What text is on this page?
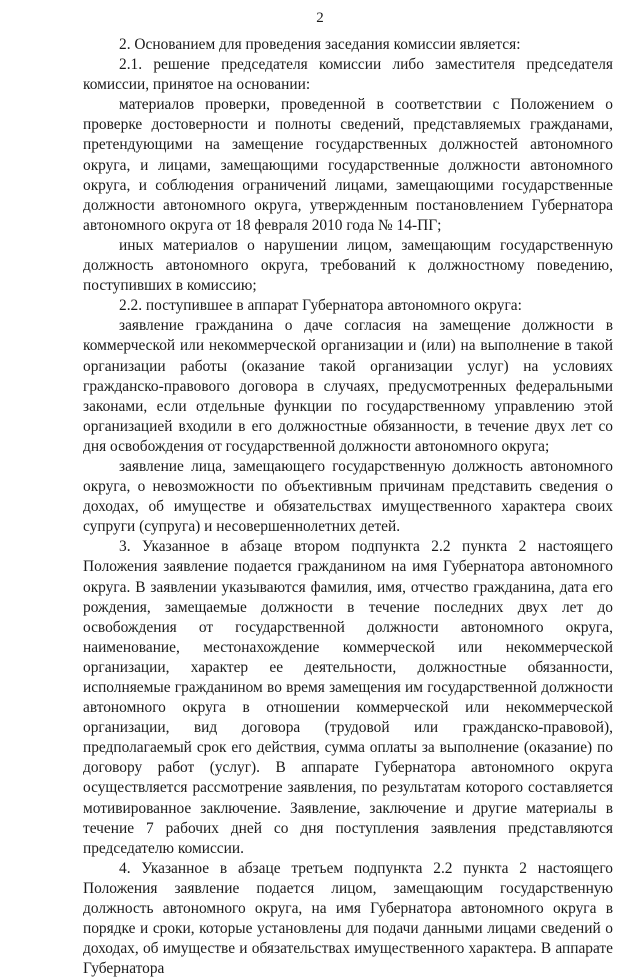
2

2. Основанием для проведения заседания комиссии является:

2.1. решение председателя комиссии либо заместителя председателя комиссии, принятое на основании:

материалов проверки, проведенной в соответствии с Положением о проверке достоверности и полноты сведений, представляемых гражданами, претендующими на замещение государственных должностей автономного округа, и лицами, замещающими государственные должности автономного округа, и соблюдения ограничений лицами, замещающими государственные должности автономного округа, утвержденным постановлением Губернатора автономного округа от 18 февраля 2010 года № 14-ПГ;

иных материалов о нарушении лицом, замещающим государственную должность автономного округа, требований к должностному поведению, поступивших в комиссию;

2.2. поступившее в аппарат Губернатора автономного округа:

заявление гражданина о даче согласия на замещение должности в коммерческой или некоммерческой организации и (или) на выполнение в такой организации работы (оказание такой организации услуг) на условиях гражданско-правового договора в случаях, предусмотренных федеральными законами, если отдельные функции по государственному управлению этой организацией входили в его должностные обязанности, в течение двух лет со дня освобождения от государственной должности автономного округа;

заявление лица, замещающего государственную должность автономного округа, о невозможности по объективным причинам представить сведения о доходах, об имуществе и обязательствах имущественного характера своих супруги (супруга) и несовершеннолетних детей.

3. Указанное в абзаце втором подпункта 2.2 пункта 2 настоящего Положения заявление подается гражданином на имя Губернатора автономного округа. В заявлении указываются фамилия, имя, отчество гражданина, дата его рождения, замещаемые должности в течение последних двух лет до освобождения от государственной должности автономного округа, наименование, местонахождение коммерческой или некоммерческой организации, характер ее деятельности, должностные обязанности, исполняемые гражданином во время замещения им государственной должности автономного округа в отношении коммерческой или некоммерческой организации, вид договора (трудовой или гражданско-правовой), предполагаемый срок его действия, сумма оплаты за выполнение (оказание) по договору работ (услуг). В аппарате Губернатора автономного округа осуществляется рассмотрение заявления, по результатам которого составляется мотивированное заключение. Заявление, заключение и другие материалы в течение 7 рабочих дней со дня поступления заявления представляются председателю комиссии.

4. Указанное в абзаце третьем подпункта 2.2 пункта 2 настоящего Положения заявление подается лицом, замещающим государственную должность автономного округа, на имя Губернатора автономного округа в порядке и сроки, которые установлены для подачи данными лицами сведений о доходах, об имуществе и обязательствах имущественного характера. В аппарате Губернатора
